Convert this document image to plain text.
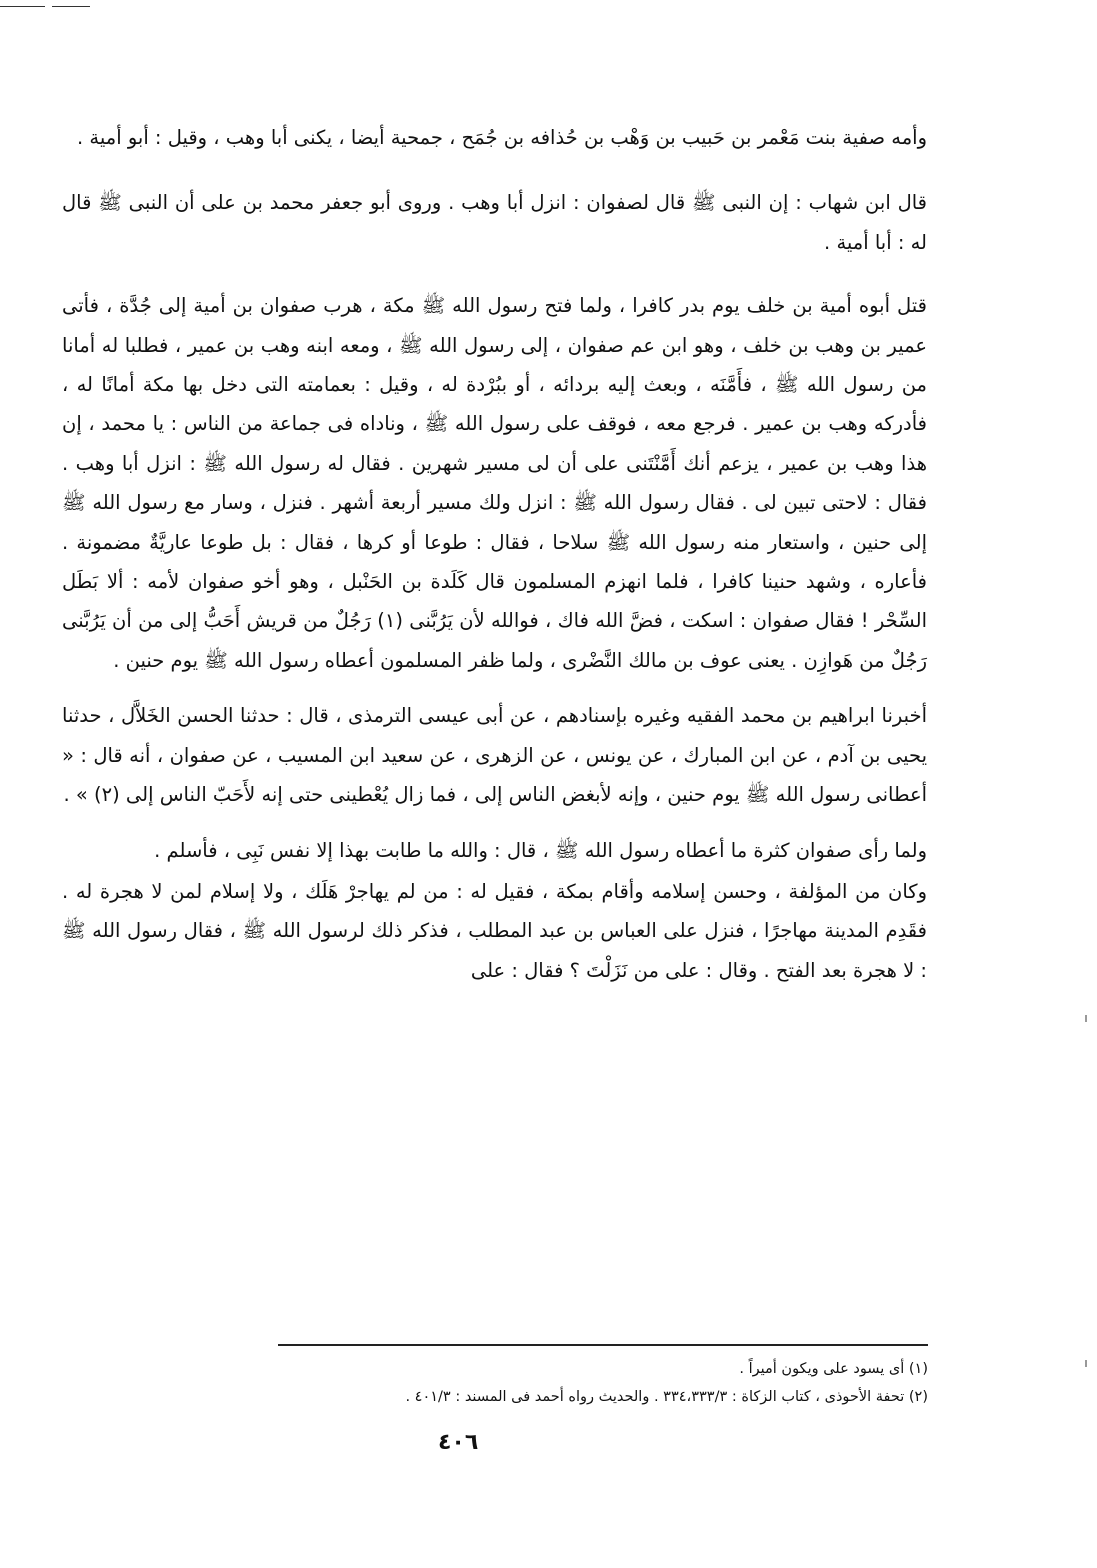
وأمه صفية بنت مَعْمر بن حَبيب بن وَهْب بن حُذافه بن جُمَح ، جمحية أيضا ، يكنى أبا وهب ، وقيل : أبو أمية .

قال ابن شهاب : إن النبى ﷺ قال لصفوان : انزل أبا وهب . وروى أبو جعفر محمد بن على أن النبى ﷺ قال له : أبا أمية .

قتل أبوه أمية بن خلف يوم بدر كافرا ، ولما فتح رسول الله ﷺ مكة ، هرب صفوان بن أمية إلى جُدَّة ، فأتى عمير بن وهب بن خلف ، وهو ابن عم صفوان ، إلى رسول الله ﷺ ، ومعه ابنه وهب بن عمير ، فطلبا له أمانا من رسول الله ﷺ ، فأَمَّنَه ، وبعث إليه بردائه ، أو ببُرْدة له ، وقيل : بعمامته التى دخل بها مكة أمانًا له ، فأدركه وهب بن عمير . فرجع معه ، فوقف على رسول الله ﷺ ، وناداه فى جماعة من الناس : يا محمد ، إن هذا وهب بن عمير ، يزعم أنك أَمَّنْتَنى على أن لى مسير شهرين . فقال له رسول الله ﷺ : انزل أبا وهب . فقال : لاحتى تبين لى . فقال رسول الله ﷺ : انزل ولك مسير أربعة أشهر . فنزل ، وسار مع رسول الله ﷺ إلى حنين ، واستعار منه رسول الله ﷺ سلاحا ، فقال : طوعا أو كرها ، فقال : بل طوعا عاريَّةٌ مضمونة . فأعاره ، وشهد حنينا كافرا ، فلما انهزم المسلمون قال كَلَدة بن الحَنْبل ، وهو أخو صفوان لأمه : ألا بَطَل السِّحْر ! فقال صفوان : اسكت ، فضَّ الله فاك ، فوالله لأن يَرُبَّنى (١) رَجُلٌ من قريش أَحَبُّ إلى من أن يَرُبَّنى رَجُلٌ من هَوازِن . يعنى عوف بن مالك النَّضْرى ، ولما ظفر المسلمون أعطاه رسول الله ﷺ يوم حنين .

أخبرنا ابراهيم بن محمد الفقيه وغيره بإسنادهم ، عن أبى عيسى الترمذى ، قال : حدثنا الحسن الخَلاَّل ، حدثنا يحيى بن آدم ، عن ابن المبارك ، عن يونس ، عن الزهرى ، عن سعيد ابن المسيب ، عن صفوان ، أنه قال : « أعطانى رسول الله ﷺ يوم حنين ، وإنه لأبغض الناس إلى ، فما زال يُعْطينى حتى إنه لأَحَبّ الناس إلى (٢) » .

ولما رأى صفوان كثرة ما أعطاه رسول الله ﷺ ، قال : والله ما طابت بهذا إلا نفس نَبِى ، فأسلم .

وكان من المؤلفة ، وحسن إسلامه وأقام بمكة ، فقيل له : من لم يهاجرْ هَلَك ، ولا إسلام لمن لا هجرة له . فقَدِم المدينة مهاجرًا ، فنزل على العباس بن عبد المطلب ، فذكر ذلك لرسول الله ﷺ ، فقال رسول الله ﷺ : لا هجرة بعد الفتح . وقال : على من نَزَلْتَ ؟ فقال : على

(١) أى يسود على ويكون أميراً .

(٢) تحفة الأحوذى ، كتاب الزكاة : ٣٣٤،٣٣٣/٣ . والحديث رواه أحمد فى المسند : ٤٠١/٣ .

٤٠٦
